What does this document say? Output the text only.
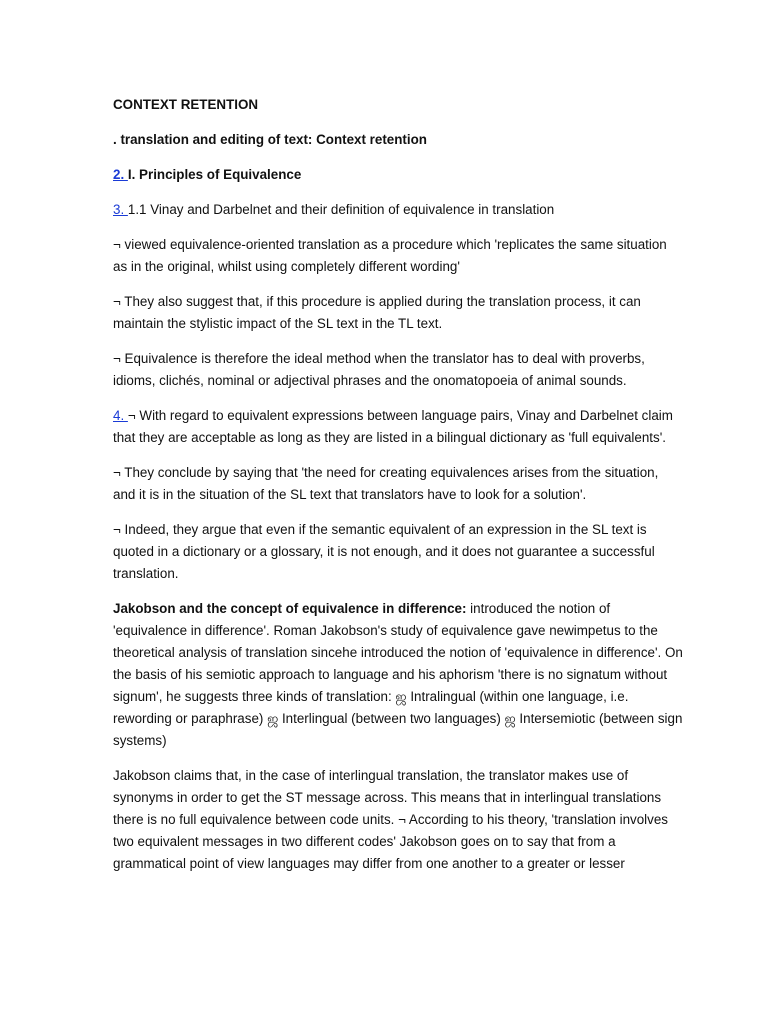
CONTEXT RETENTION

. translation and editing of text: Context retention

2. I. Principles of Equivalence

3. 1.1 Vinay and Darbelnet and their definition of equivalence in translation

¬ viewed equivalence-oriented translation as a procedure which 'replicates the same situation as in the original, whilst using completely different wording'

¬ They also suggest that, if this procedure is applied during the translation process, it can maintain the stylistic impact of the SL text in the TL text.

¬ Equivalence is therefore the ideal method when the translator has to deal with proverbs, idioms, clichés, nominal or adjectival phrases and the onomatopoeia of animal sounds.

4. ¬ With regard to equivalent expressions between language pairs, Vinay and Darbelnet claim that they are acceptable as long as they are listed in a bilingual dictionary as 'full equivalents'.

¬ They conclude by saying that 'the need for creating equivalences arises from the situation, and it is in the situation of the SL text that translators have to look for a solution'.

¬ Indeed, they argue that even if the semantic equivalent of an expression in the SL text is quoted in a dictionary or a glossary, it is not enough, and it does not guarantee a successful translation.

Jakobson and the concept of equivalence in difference: introduced the notion of 'equivalence in difference'. Roman Jakobson's study of equivalence gave newimpetus to the theoretical analysis of translation sincehe introduced the notion of 'equivalence in difference'. On the basis of his semiotic approach to language and his aphorism 'there is no signatum without signum', he suggests three kinds of translation: ஜ Intralingual (within one language, i.e. rewording or paraphrase) ஜ Interlingual (between two languages) ஜ Intersemiotic (between sign systems)

Jakobson claims that, in the case of interlingual translation, the translator makes use of synonyms in order to get the ST message across. This means that in interlingual translations there is no full equivalence between code units. ¬ According to his theory, 'translation involves two equivalent messages in two different codes' Jakobson goes on to say that from a grammatical point of view languages may differ from one another to a greater or lesser
